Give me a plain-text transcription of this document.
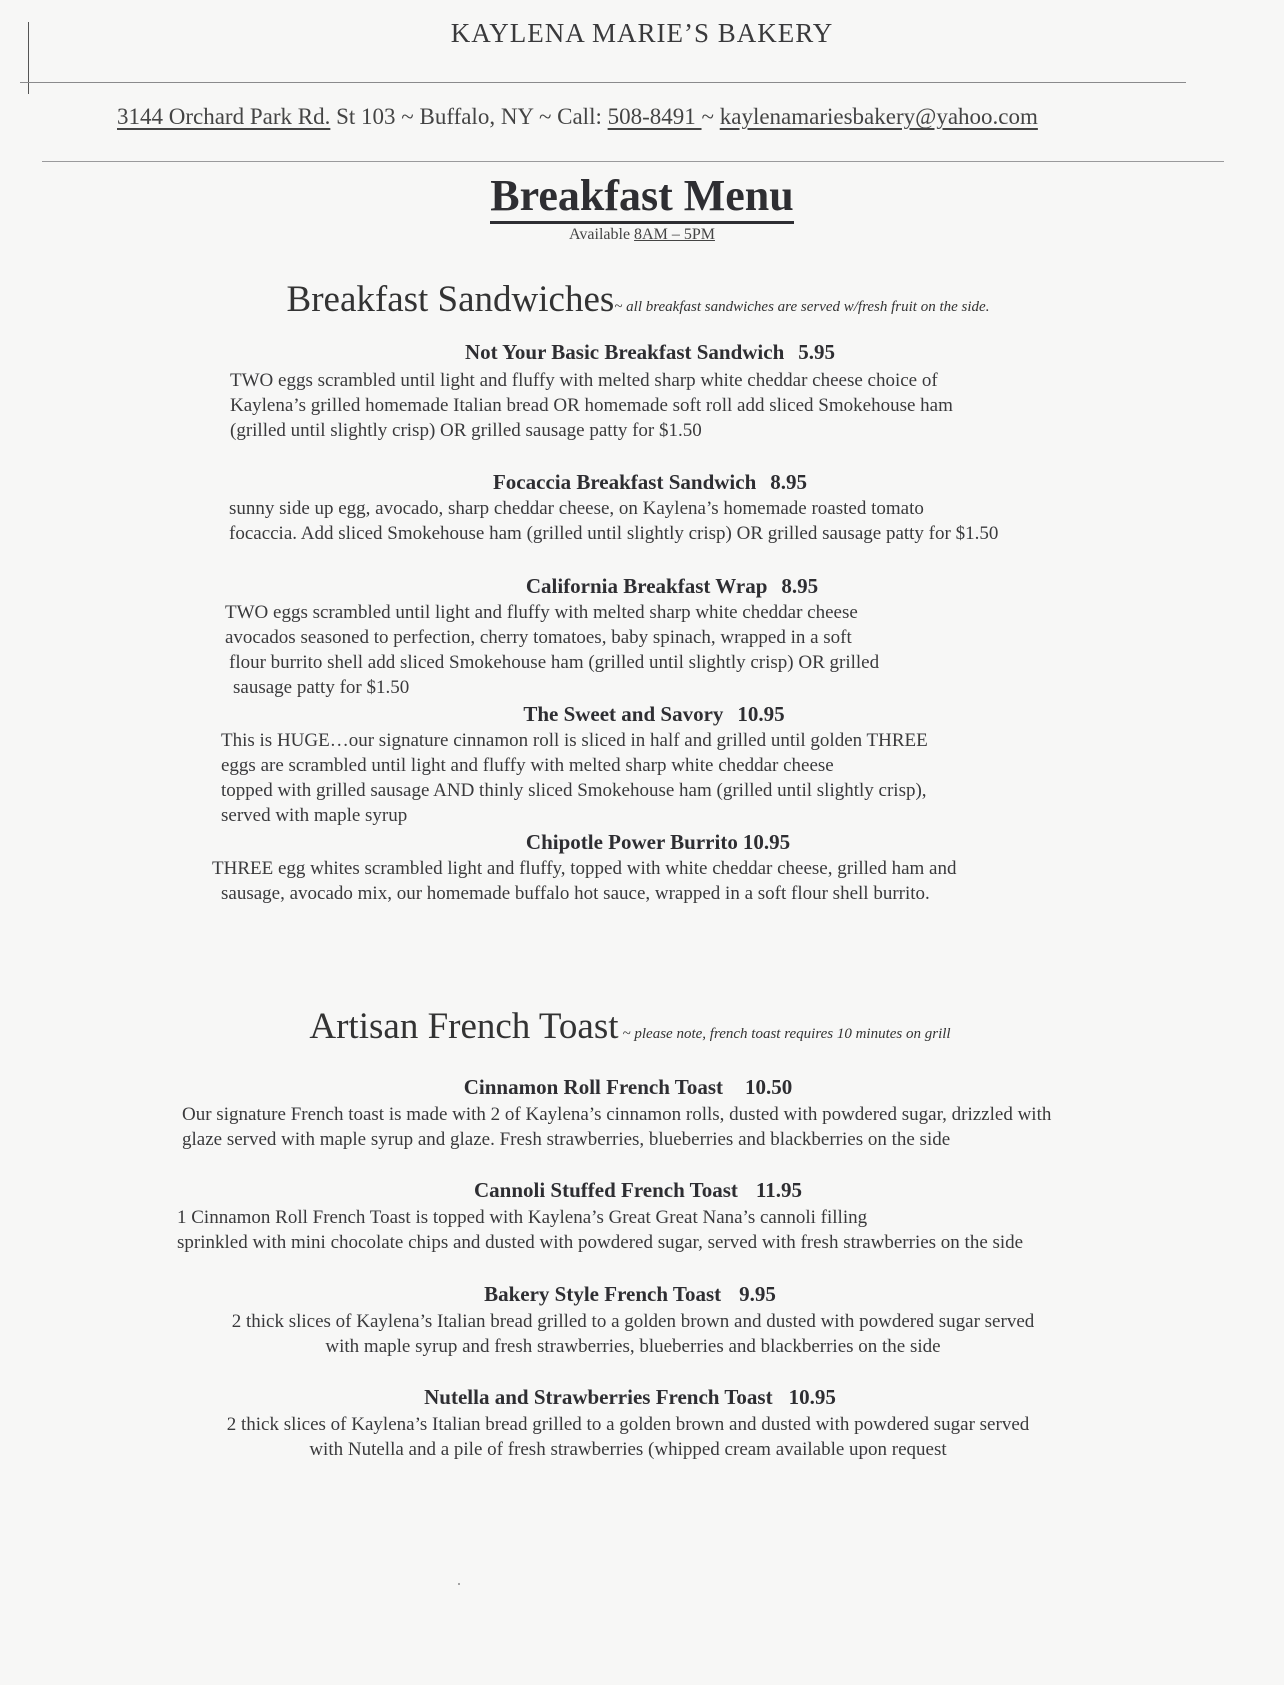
KAYLENA MARIE’S BAKERY
3144 Orchard Park Rd. St 103 ~ Buffalo, NY ~ Call: 508-8491 ~ kaylenamariesbakery@yahoo.com
Breakfast Menu
Available 8AM – 5PM
Breakfast Sandwiches~ all breakfast sandwiches are served w/fresh fruit on the side.
Not Your Basic Breakfast Sandwich 5.95
TWO eggs scrambled until light and fluffy with melted sharp white cheddar cheese choice of
Kaylena’s grilled homemade Italian bread OR homemade soft roll add sliced Smokehouse ham
(grilled until slightly crisp) OR grilled sausage patty for $1.50
Focaccia Breakfast Sandwich 8.95
sunny side up egg, avocado, sharp cheddar cheese, on Kaylena’s homemade roasted tomato
focaccia. Add sliced Smokehouse ham (grilled until slightly crisp) OR grilled sausage patty for $1.50
California Breakfast Wrap 8.95
TWO eggs scrambled until light and fluffy with melted sharp white cheddar cheese
avocados seasoned to perfection, cherry tomatoes, baby spinach, wrapped in a soft
flour burrito shell add sliced Smokehouse ham (grilled until slightly crisp) OR grilled
sausage patty for $1.50
The Sweet and Savory 10.95
This is HUGE…our signature cinnamon roll is sliced in half and grilled until golden THREE
eggs are scrambled until light and fluffy with melted sharp white cheddar cheese
topped with grilled sausage AND thinly sliced Smokehouse ham (grilled until slightly crisp),
served with maple syrup
Chipotle Power Burrito 10.95
THREE egg whites scrambled light and fluffy, topped with white cheddar cheese, grilled ham and
sausage, avocado mix, our homemade buffalo hot sauce, wrapped in a soft flour shell burrito.
Artisan French Toast ~ please note, french toast requires 10 minutes on grill
Cinnamon Roll French Toast 10.50
Our signature French toast is made with 2 of Kaylena’s cinnamon rolls, dusted with powdered sugar, drizzled with
glaze served with maple syrup and glaze. Fresh strawberries, blueberries and blackberries on the side
Cannoli Stuffed French Toast 11.95
1 Cinnamon Roll French Toast is topped with Kaylena’s Great Great Nana’s cannoli filling
sprinkled with mini chocolate chips and dusted with powdered sugar, served with fresh strawberries on the side
Bakery Style French Toast 9.95
2 thick slices of Kaylena’s Italian bread grilled to a golden brown and dusted with powdered sugar served
with maple syrup and fresh strawberries, blueberries and blackberries on the side
Nutella and Strawberries French Toast 10.95
2 thick slices of Kaylena’s Italian bread grilled to a golden brown and dusted with powdered sugar served
with Nutella and a pile of fresh strawberries (whipped cream available upon request
